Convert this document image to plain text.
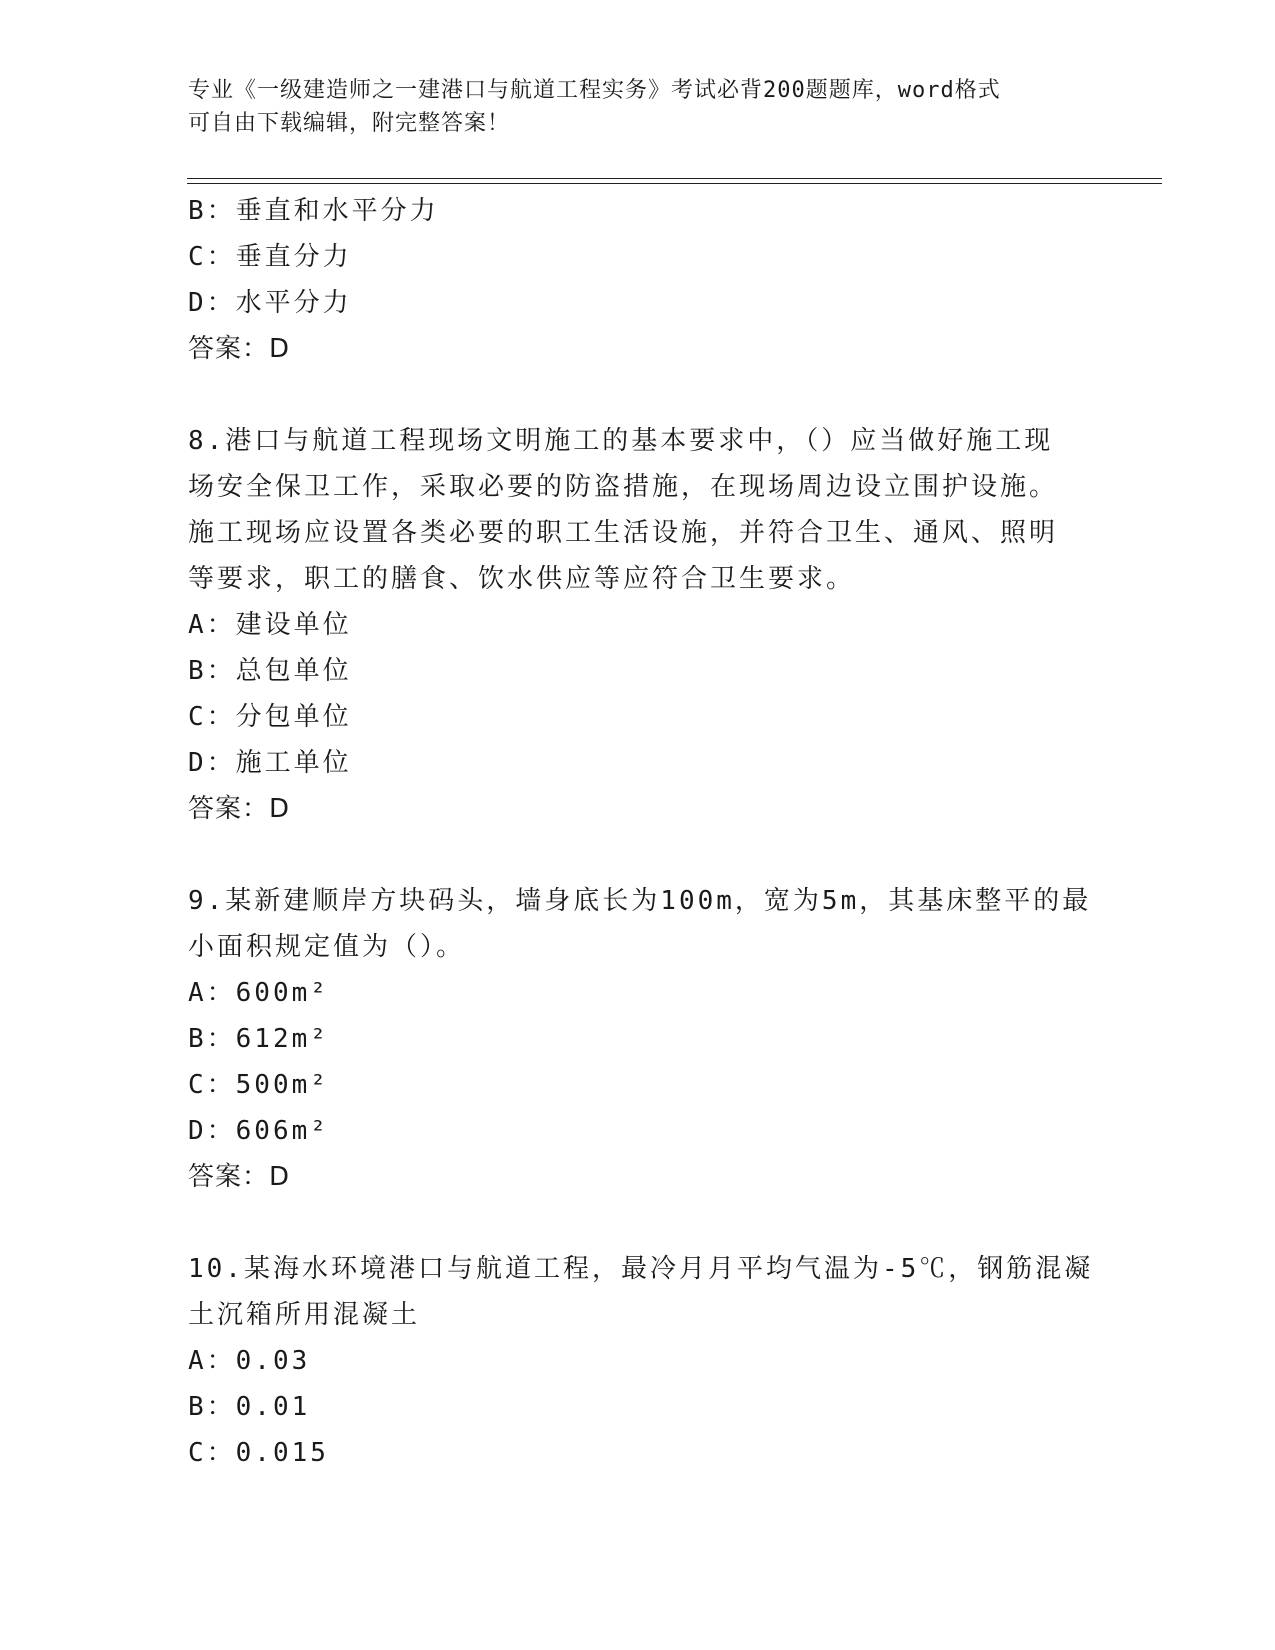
专业《一级建造师之一建港口与航道工程实务》考试必背200题题库，word格式
可自由下载编辑，附完整答案！
B：垂直和水平分力
C：垂直分力
D：水平分力
答案：D
8.港口与航道工程现场文明施工的基本要求中，（）应当做好施工现
场安全保卫工作，采取必要的防盗措施，在现场周边设立围护设施。
施工现场应设置各类必要的职工生活设施，并符合卫生、通风、照明
等要求，职工的膳食、饮水供应等应符合卫生要求。
A：建设单位
B：总包单位
C：分包单位
D：施工单位
答案：D
9.某新建顺岸方块码头，墙身底长为100m，宽为5m，其基床整平的最
小面积规定值为（）。
A：600m²
B：612m²
C：500m²
D：606m²
答案：D
10.某海水环境港口与航道工程，最冷月月平均气温为-5℃，钢筋混凝
土沉箱所用混凝土
A：0.03
B：0.01
C：0.015
